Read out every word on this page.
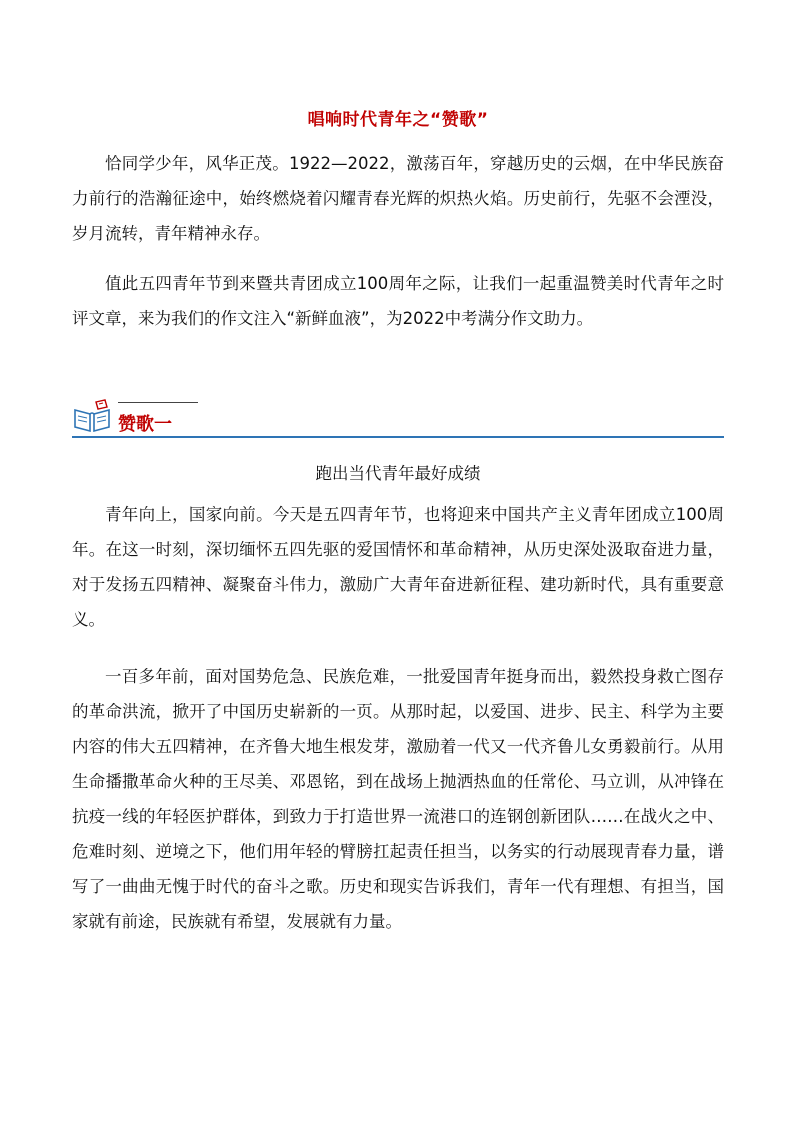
唱响时代青年之“赞歌”

恰同学少年，风华正茂。1922—2022，激荡百年，穿越历史的云烟，在中华民族奋力前行的浩瀚征途中，始终燃烧着闪耀青春光辉的炽热火焰。历史前行，先驱不会湮没，岁月流转，青年精神永存。

值此五四青年节到来暨共青团成立100周年之际，让我们一起重温赞美时代青年之时评文章，来为我们的作文注入“新鲜血液”，为2022中考满分作文助力。

赞歌一
跑出当代青年最好成绩

青年向上，国家向前。今天是五四青年节，也将迎来中国共产主义青年团成立100周年。在这一时刻，深切缅怀五四先驱的爱国情怀和革命精神，从历史深处汲取奋进力量，对于发扬五四精神、凝聚奋斗伟力，激励广大青年奋进新征程、建功新时代，具有重要意义。

一百多年前，面对国势危急、民族危难，一批爱国青年挺身而出，毅然投身救亡图存的革命洪流，掀开了中国历史崭新的一页。从那时起，以爱国、进步、民主、科学为主要内容的伟大五四精神，在齐鲁大地生根发芽，激励着一代又一代齐鲁儿女勇毅前行。从用生命播撒革命火种的王尽美、邓恩铭，到在战场上抛洒热血的任常伦、马立训，从冲锋在抗疫一线的年轻医护群体，到致力于打造世界一流港口的连钢创新团队……在战火之中、危难时刻、逆境之下，他们用年轻的臂膀扛起责任担当，以务实的行动展现青春力量，谱写了一曲曲无愧于时代的奋斗之歌。历史和现实告诉我们，青年一代有理想、有担当，国家就有前途，民族就有希望，发展就有力量。
